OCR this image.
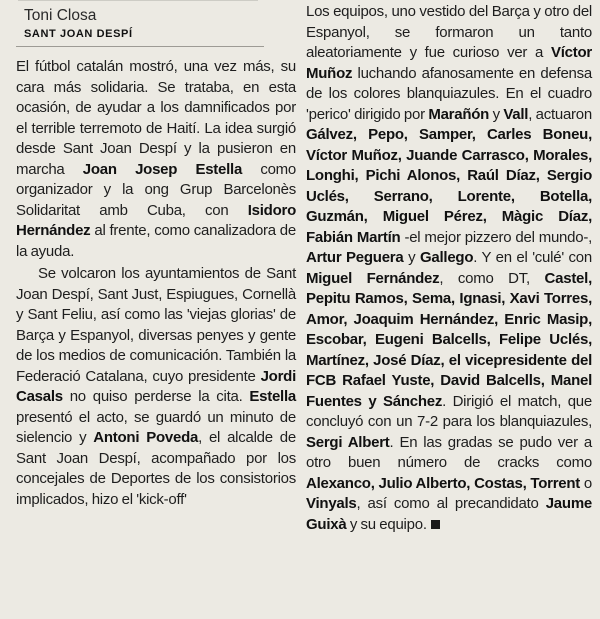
Toni Closa
SANT JOAN DESPÍ

El fútbol catalán mostró, una vez más, su cara más solidaria. Se trataba, en esta ocasión, de ayudar a los damnificados por el terrible terremoto de Haití. La idea surgió desde Sant Joan Despí y la pusieron en marcha Joan Josep Estella como organizador y la ong Grup Barcelonès Solidaritat amb Cuba, con Isidoro Hernández al frente, como canalizadora de la ayuda.

Se volcaron los ayuntamientos de Sant Joan Despí, Sant Just, Espiugues, Cornellà y Sant Feliu, así como las 'viejas glorias' de Barça y Espanyol, diversas penyes y gente de los medios de comunicación. También la Federació Catalana, cuyo presidente Jordi Casals no quiso perderse la cita. Estella presentó el acto, se guardó un minuto de sielencio y Antoni Poveda, el alcalde de Sant Joan Despí, acompañado por los concejales de Deportes de los consistorios implicados, hizo el 'kick-off'

Los equipos, uno vestido del Barça y otro del Espanyol, se formaron un tanto aleatoriamente y fue curioso ver a Víctor Muñoz luchando afanosamente en defensa de los colores blanquiazules. En el cuadro 'perico' dirigido por Marañón y Vall, actuaron Gálvez, Pepo, Samper, Carles Boneu, Víctor Muñoz, Juande Carrasco, Morales, Longhi, Pichi Alonos, Raúl Díaz, Sergio Uclés, Serrano, Lorente, Botella, Guzmán, Miguel Pérez, Màgic Díaz, Fabián Martín -el mejor pizzero del mundo-, Artur Peguera y Gallego. Y en el 'culé' con Miguel Fernández, como DT, Castel, Pepitu Ramos, Sema, Ignasi, Xavi Torres, Amor, Joaquim Hernández, Enric Masip, Escobar, Eugeni Balcells, Felipe Uclés, Martínez, José Díaz, el vicepresidente del FCB Rafael Yuste, David Balcells, Manel Fuentes y Sánchez. Dirigió el match, que concluyó con un 7-2 para los blanquiazules, Sergi Albert. En las gradas se pudo ver a otro buen número de cracks como Alexanco, Julio Alberto, Costas, Torrent o Vinyals, así como al precandidato Jaume Guixà y su equipo.
